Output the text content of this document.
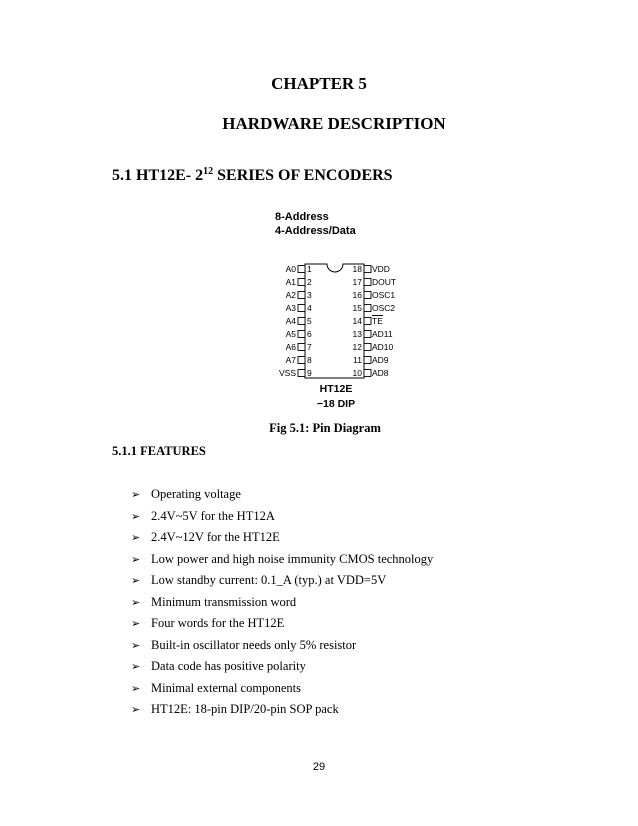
CHAPTER 5
HARDWARE DESCRIPTION
5.1 HT12E- $2^{12}$ SERIES OF ENCODERS
8-Address
4-Address/Data
HT12E
−18 DIP
A0 1
A1 2
A2 3
A3 4
A4 5
A5 6
A6 7
A7 8
VSS 9
18 VDD
17 DOUT
16 OSC1
15 OSC2
14 $\overline{TE}$
13 AD11
12 AD10
11 AD9
10 AD8
Fig 5.1: Pin Diagram
5.1.1 FEATURES
➢ Operating voltage
➢ 2.4V~5V for the HT12A
➢ 2.4V~12V for the HT12E
➢ Low power and high noise immunity CMOS technology
➢ Low standby current: 0.1_A (typ.) at VDD=5V
➢ Minimum transmission word
➢ Four words for the HT12E
➢ Built-in oscillator needs only 5% resistor
➢ Data code has positive polarity
➢ Minimal external components
➢ HT12E: 18-pin DIP/20-pin SOP pack
29
